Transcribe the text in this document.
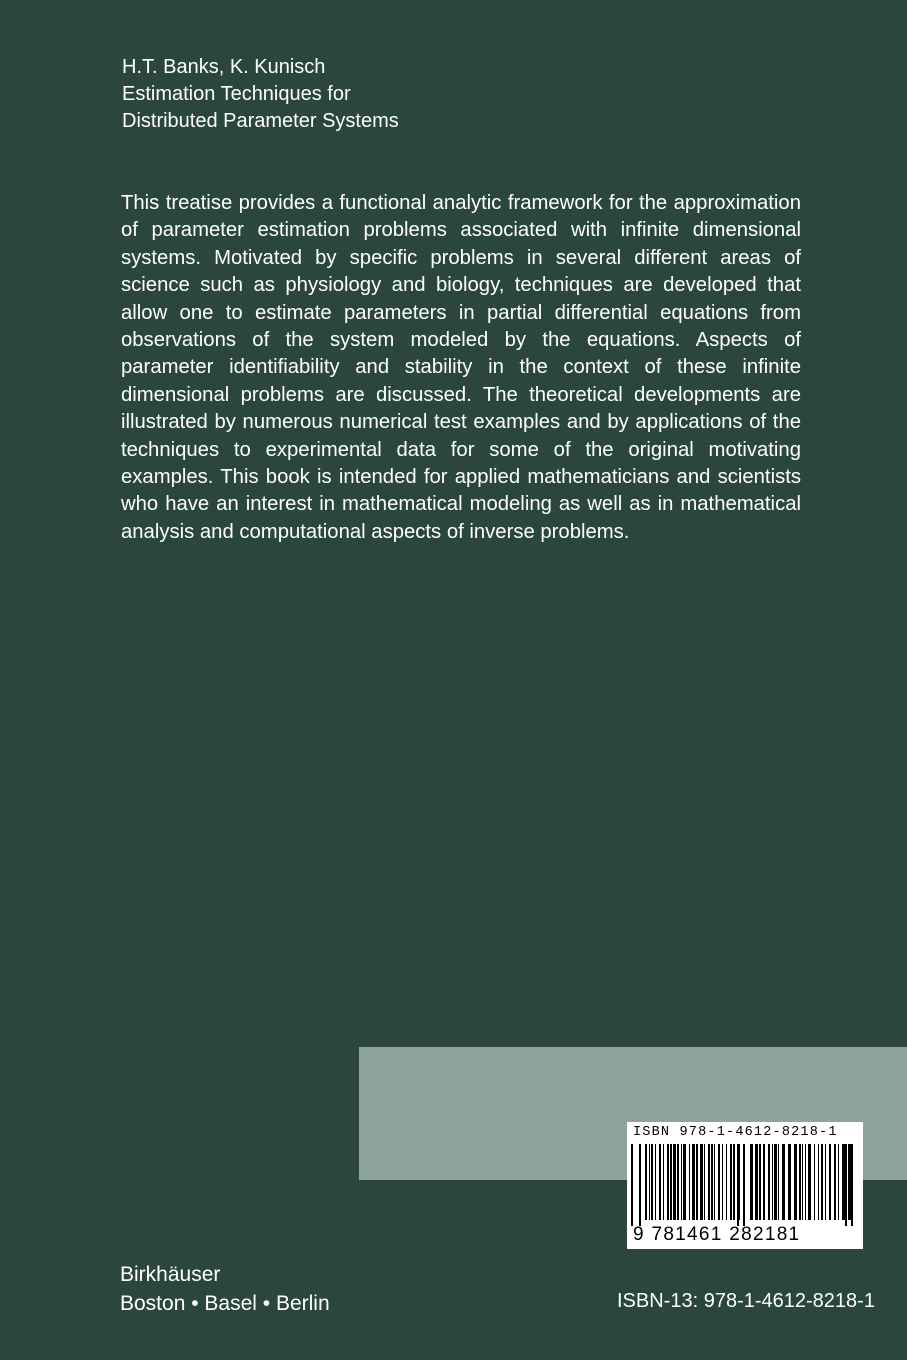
H.T. Banks, K. Kunisch
Estimation Techniques for
Distributed Parameter Systems
This treatise provides a functional analytic framework for the approximation of parameter estimation problems associated with infinite dimensional systems. Motivated by specific problems in several different areas of science such as physiology and biology, techniques are developed that allow one to estimate parameters in partial differential equations from observations of the system modeled by the equations. Aspects of parameter identifiability and stability in the context of these infinite dimensional problems are discussed. The theoretical developments are illustrated by numerous numerical test examples and by applications of the techniques to experimental data for some of the original motivating examples. This book is intended for applied mathematicians and scientists who have an interest in mathematical modeling as well as in mathematical analysis and computational aspects of inverse problems.
ISBN 978-1-4612-8218-1
9 781461 282181
ISBN-13: 978-1-4612-8218-1
Birkhäuser
Boston • Basel • Berlin
